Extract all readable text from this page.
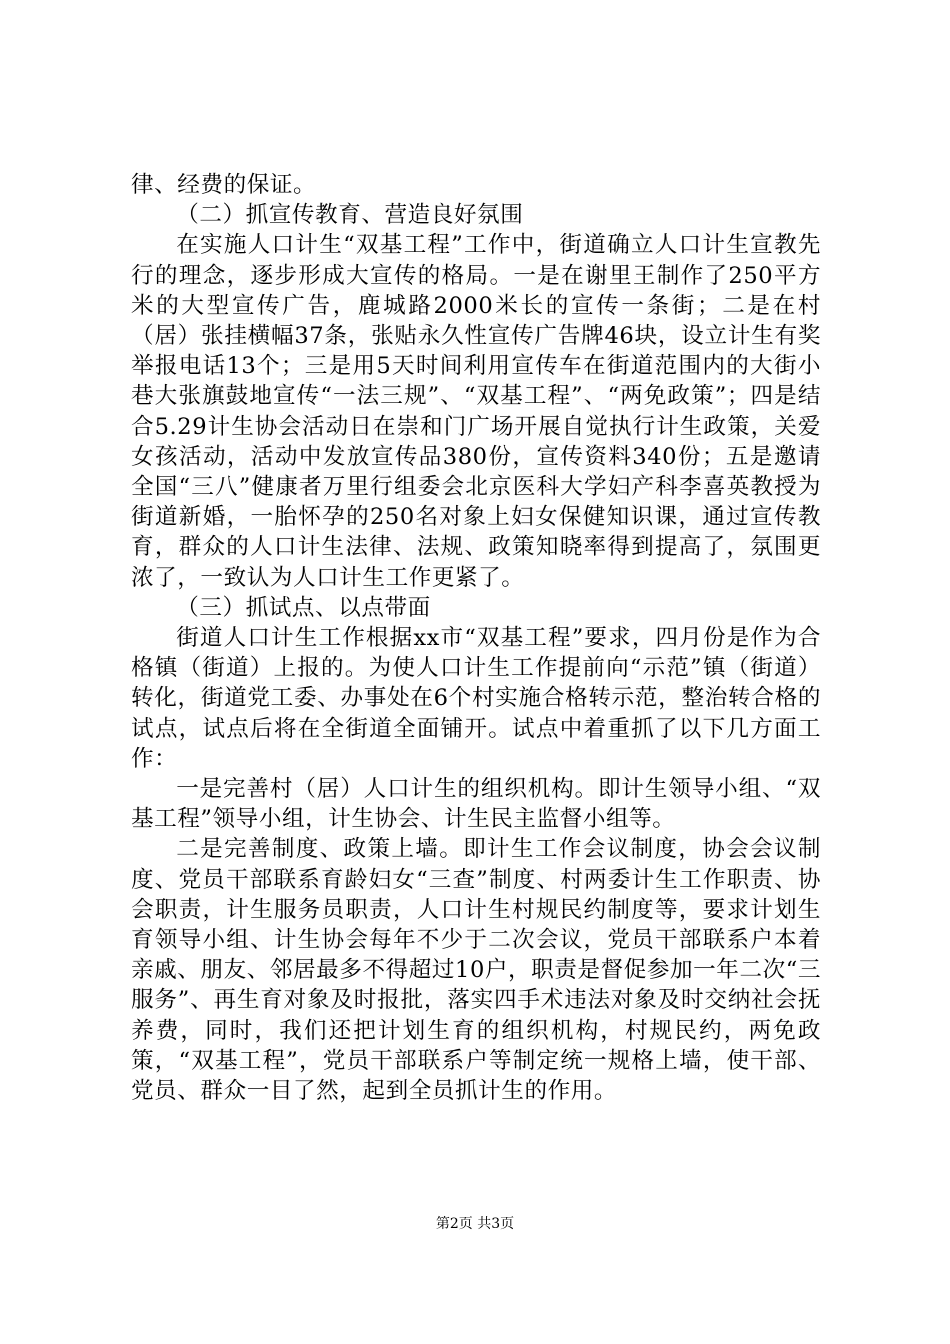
律、经费的保证。

（二）抓宣传教育、营造良好氛围

在实施人口计生“双基工程”工作中，街道确立人口计生宣教先行的理念，逐步形成大宣传的格局。一是在谢里王制作了250平方米的大型宣传广告，鹿城路2000米长的宣传一条街；二是在村（居）张挂横幅37条，张贴永久性宣传广告牌46块，设立计生有奖举报电话13个；三是用5天时间利用宣传车在街道范围内的大街小巷大张旗鼓地宣传“一法三规”、“双基工程”、“两免政策”；四是结合5.29计生协会活动日在崇和门广场开展自觉执行计生政策，关爱女孩活动，活动中发放宣传品380份，宣传资料340份；五是邀请全国“三八”健康者万里行组委会北京医科大学妇产科李喜英教授为街道新婚，一胎怀孕的250名对象上妇女保健知识课，通过宣传教育，群众的人口计生法律、法规、政策知晓率得到提高了，氛围更浓了，一致认为人口计生工作更紧了。

（三）抓试点、以点带面

街道人口计生工作根据xx市“双基工程”要求，四月份是作为合格镇（街道）上报的。为使人口计生工作提前向“示范”镇（街道）转化，街道党工委、办事处在6个村实施合格转示范，整治转合格的试点，试点后将在全街道全面铺开。试点中着重抓了以下几方面工作：

一是完善村（居）人口计生的组织机构。即计生领导小组、“双基工程”领导小组，计生协会、计生民主监督小组等。

二是完善制度、政策上墙。即计生工作会议制度，协会会议制度、党员干部联系育龄妇女“三查”制度、村两委计生工作职责、协会职责，计生服务员职责，人口计生村规民约制度等，要求计划生育领导小组、计生协会每年不少于二次会议，党员干部联系户本着亲戚、朋友、邻居最多不得超过10户，职责是督促参加一年二次“三服务”、再生育对象及时报批，落实四手术违法对象及时交纳社会抚养费，同时，我们还把计划生育的组织机构，村规民约，两免政策，“双基工程”，党员干部联系户等制定统一规格上墙，使干部、党员、群众一目了然，起到全员抓计生的作用。

第2页 共3页
